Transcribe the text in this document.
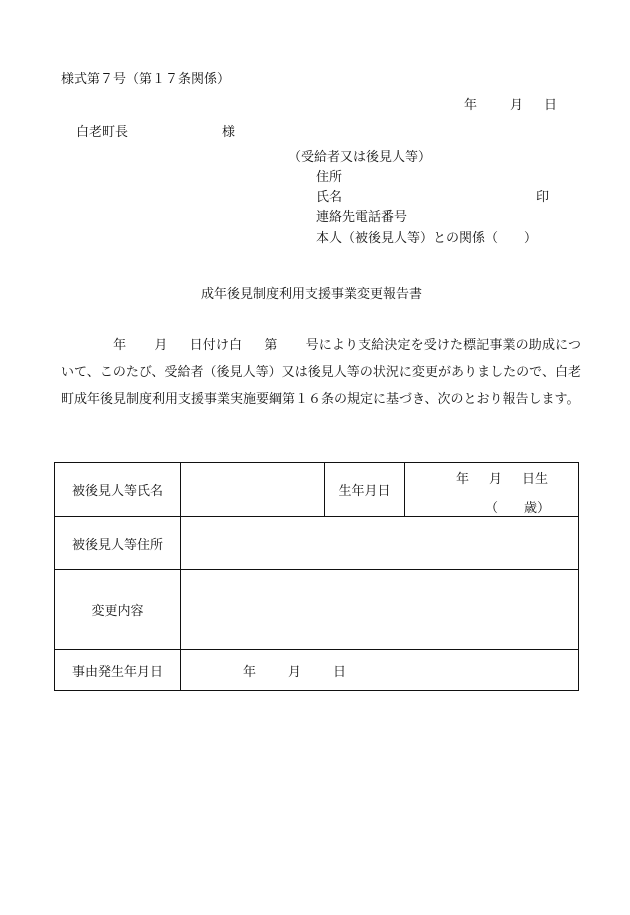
様式第７号（第１７条関係）
年	月 日
白老町長	様
（受給者又は後見人等）
住所
氏名	印
連絡先電話番号
本人（被後見人等）との関係（　　）
成年後見制度利用支援事業変更報告書
年 月 日付け白 第 号により支給決定を受けた標記事業の助成について、このたび、受給者（後見人等）又は後見人等の状況に変更がありましたので、白老町成年後見制度利用支援事業実施要綱第１６条の規定に基づき、次のとおり報告します。
被後見人等氏名		生年月日	年 月 日生
（　　歳）

被後見人等住所			
変更内容			
事由発生年月日	年 月 日		
